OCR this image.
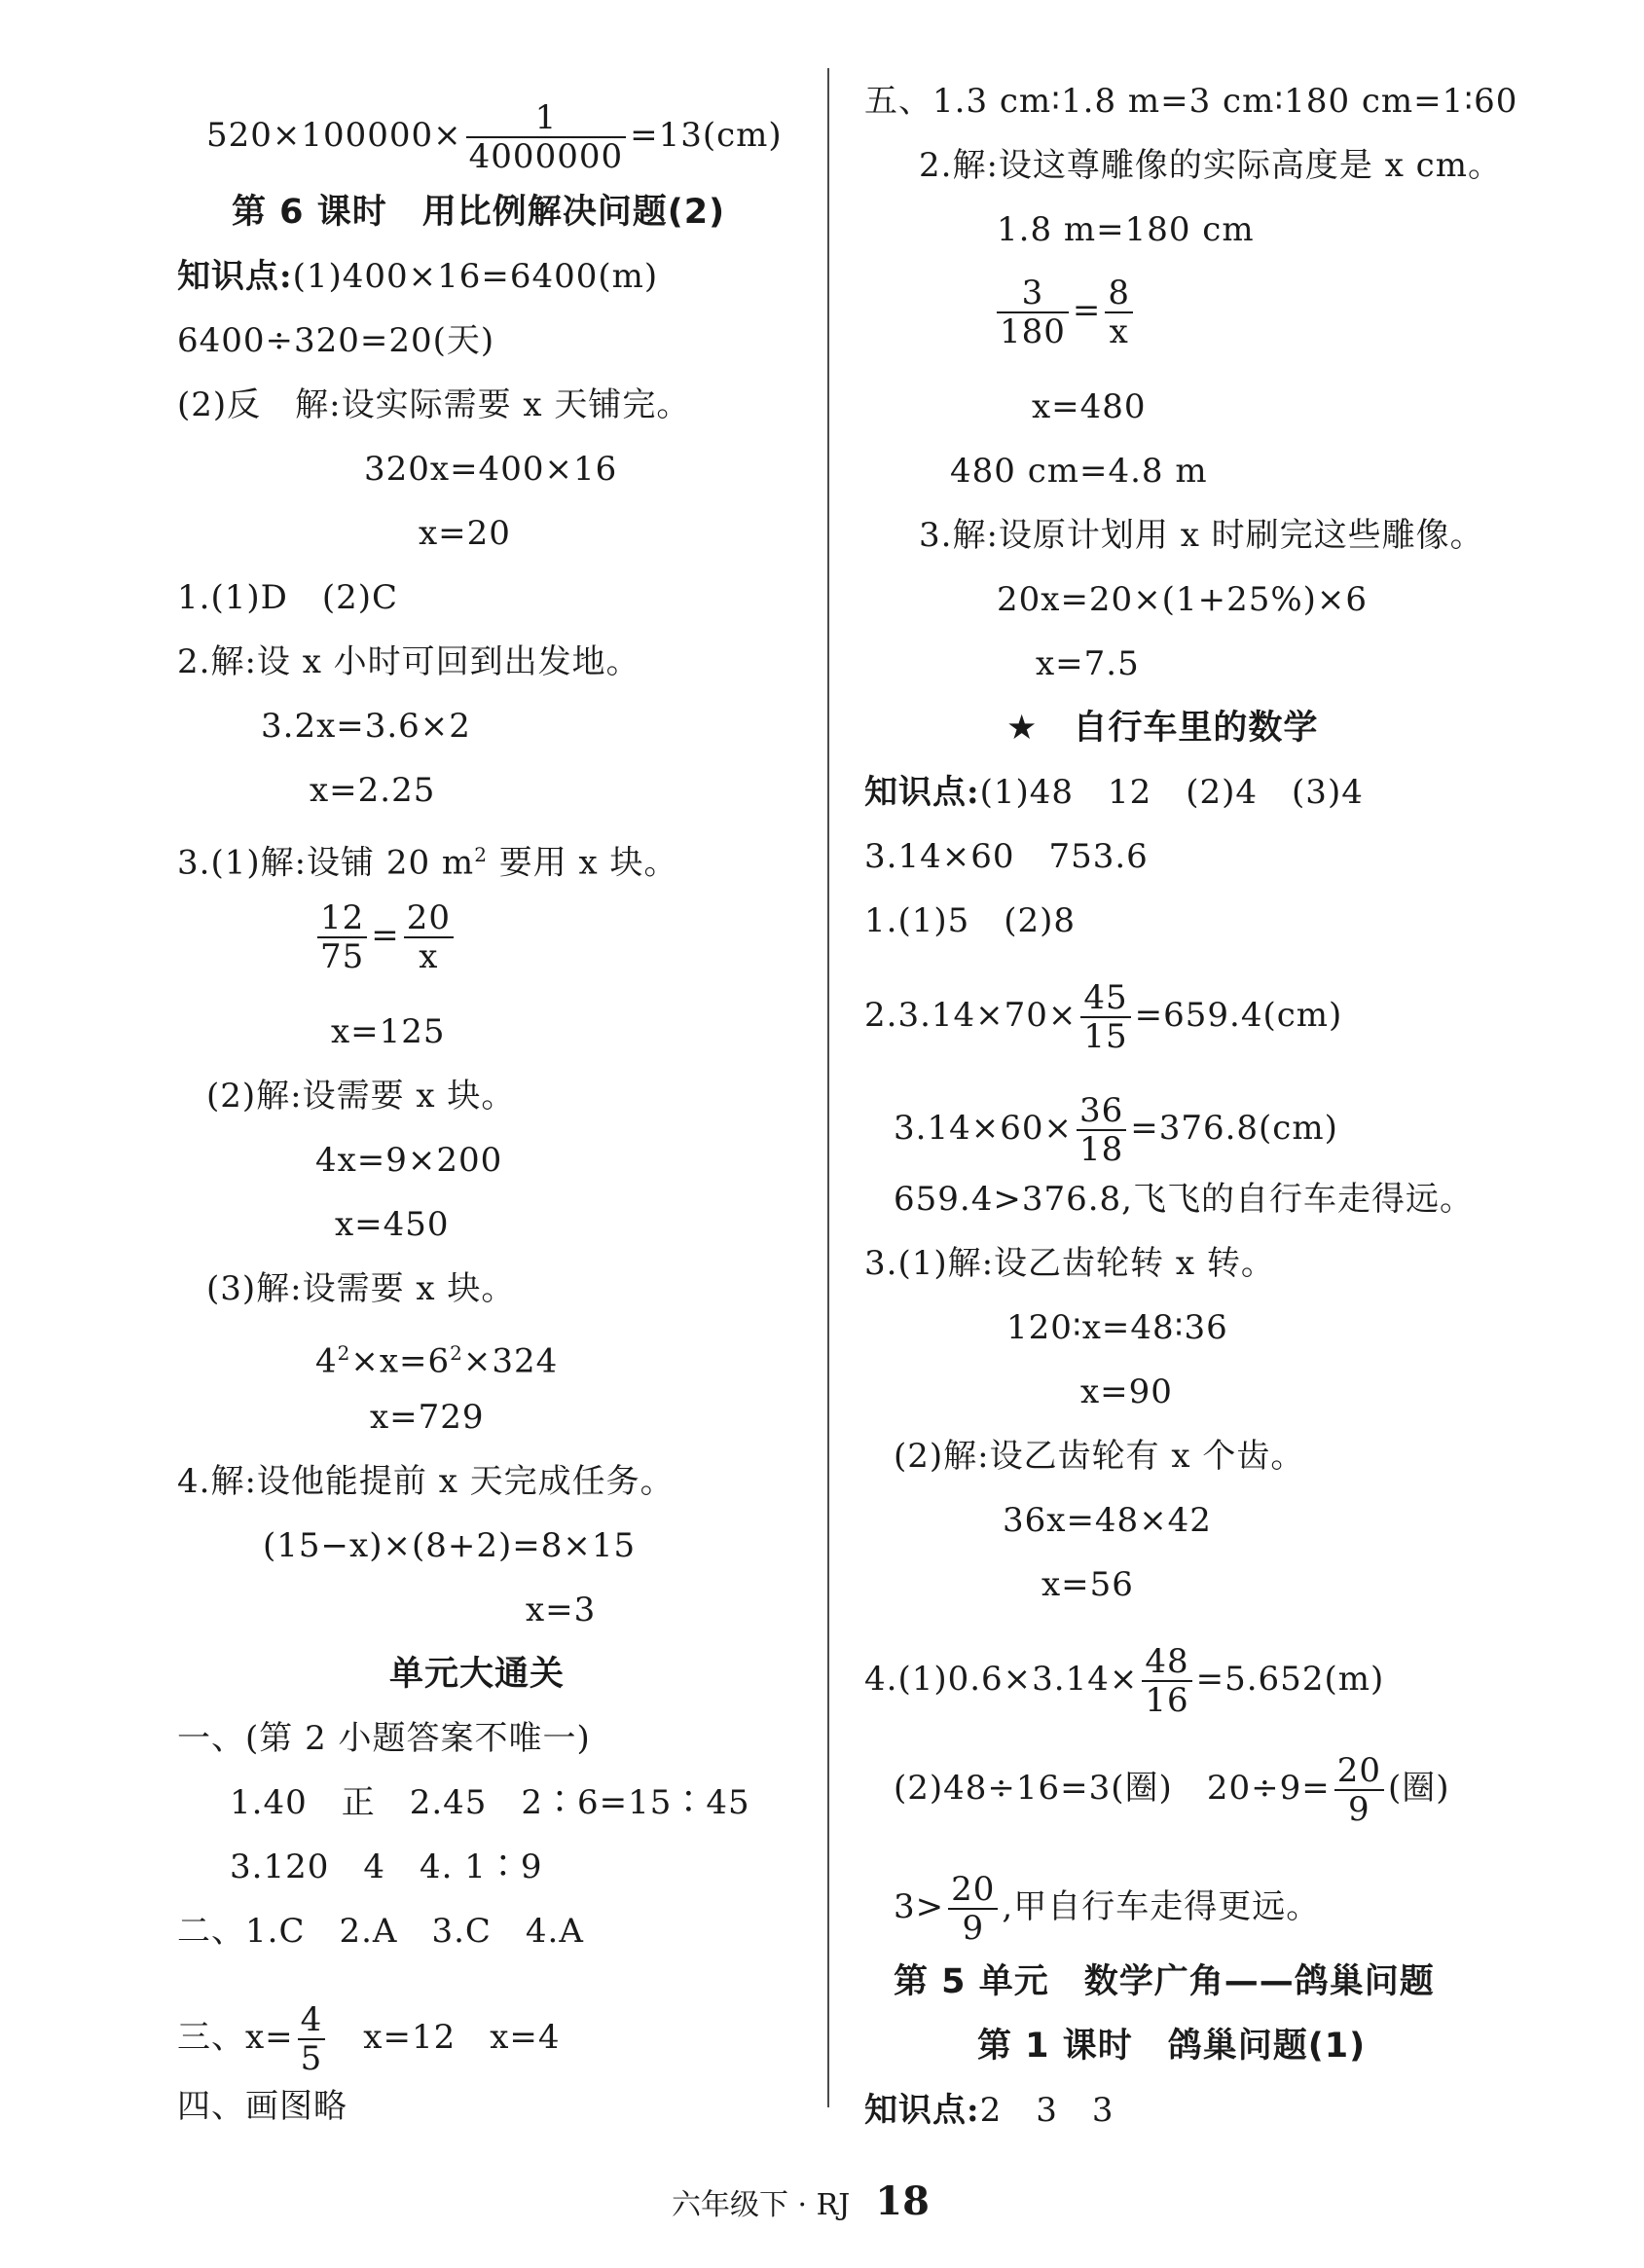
$520\times 100000\times \frac{1}{4000000} =13(cm)$
第 6 课时　用比例解决问题(2)
知识点:(1)400×16=6400(m)
6400÷320=20(天)
(2)反　解:设实际需要 x 天铺完。
320x=400×16
x=20
1.(1)D　(2)C
2.解:设 x 小时可回到出发地。
3.2x=3.6×2
x=2.25
3.(1)解:设铺 20 $m^2$ 要用 x 块。
$\frac{12}{75} = \frac{20}{x}$
x=125
(2)解:设需要 x 块。
4x=9×200
x=450
(3)解:设需要 x 块。
$4^2\times x=6^2\times 324$
x=729
4.解:设他能提前 x 天完成任务。
(15−x)×(8+2)=8×15
x=3
单元大通关
一、(第 2 小题答案不唯一)
1.40　正　2.45　2∶6=15∶45
3.120　4　4. 1∶9
二、1.C　2.A　3.C　4.A
三、$x= \frac{4}{5}$ 　x=12　x=4
四、画图略
五、1.3 cm∶1.8 m=3 cm∶180 cm=1∶60
2.解:设这尊雕像的实际高度是 x cm。
1.8 m=180 cm
$\frac{3}{180} = \frac{8}{x}$
x=480
480 cm=4.8 m
3.解:设原计划用 x 时刷完这些雕像。
20x=20×(1+25%)×6
x=7.5
★　自行车里的数学
知识点:(1)48　12　(2)4　(3)4
3.14×60　753.6
1.(1)5　(2)8
$2.3.14\times 70\times \frac{45}{15} =659.4(cm)$
$3.14\times 60\times \frac{36}{18} =376.8(cm)$
659.4>376.8,飞飞的自行车走得远。
3.(1)解:设乙齿轮转 x 转。
120∶x=48∶36
x=90
(2)解:设乙齿轮有 x 个齿。
36x=48×42
x=56
$4.(1)0.6\times 3.14\times \frac{48}{16} =5.652(m)$
(2)48÷16=3(圈)　$20\div 9= \frac{20}{9}$ (圈)
$3> \frac{20}{9}$ ,甲自行车走得更远。
第 5 单元　数学广角——鸽巢问题
第 1 课时　鸽巢问题(1)
知识点:2　3　3
六年级下 · RJ 18
